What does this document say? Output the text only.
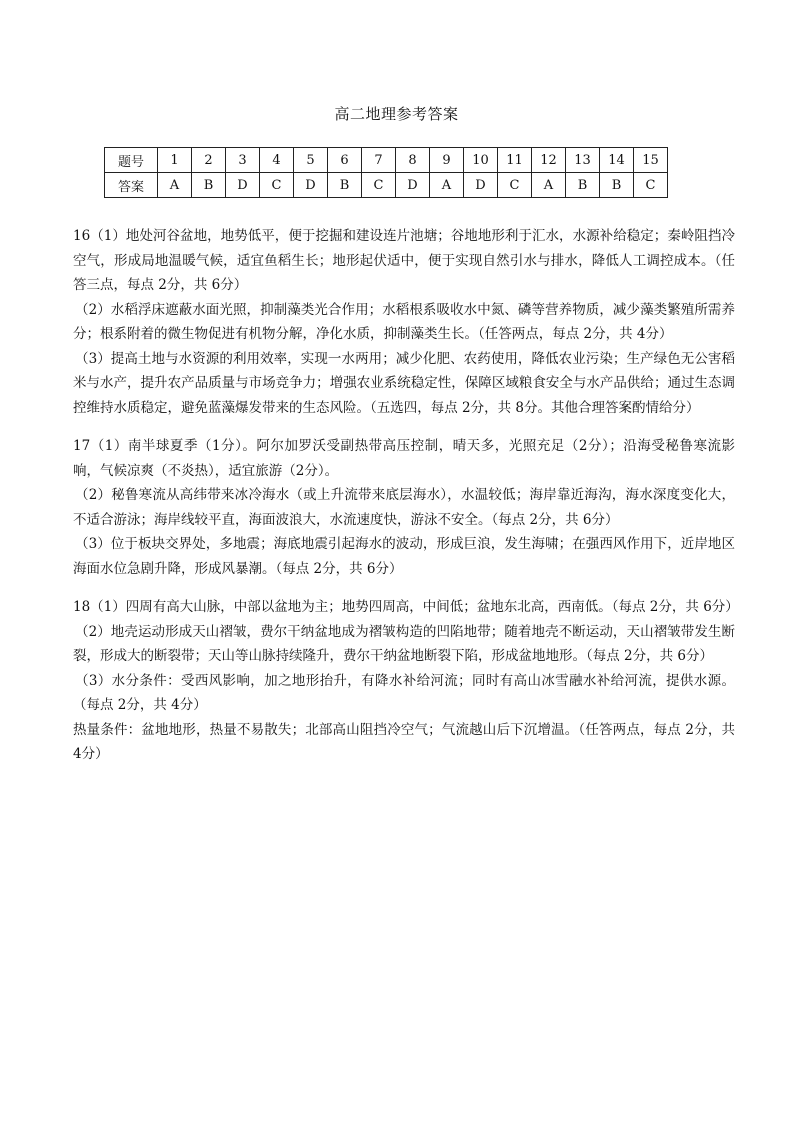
高二地理参考答案
题号	1	2	3	4	5	6	7	8	9	10	11	12	13	14	15
答案	A	B	D	C	D	B	C	D	A	D	C	A	B	B	C

16（1）地处河谷盆地，地势低平，便于挖掘和建设连片池塘；谷地地形利于汇水，水源补给稳定；秦岭阻挡冷空气，形成局地温暖气候，适宜鱼稻生长；地形起伏适中，便于实现自然引水与排水，降低人工调控成本。（任答三点，每点 2分，共 6分）

（2）水稻浮床遮蔽水面光照，抑制藻类光合作用；水稻根系吸收水中氮、磷等营养物质，减少藻类繁殖所需养分；根系附着的微生物促进有机物分解，净化水质，抑制藻类生长。（任答两点，每点 2分，共 4分）

（3）提高土地与水资源的利用效率，实现一水两用；减少化肥、农药使用，降低农业污染；生产绿色无公害稻米与水产，提升农产品质量与市场竞争力；增强农业系统稳定性，保障区域粮食安全与水产品供给；通过生态调控维持水质稳定，避免蓝藻爆发带来的生态风险。（五选四，每点 2分，共 8分。其他合理答案酌情给分）

17（1）南半球夏季（1分）。阿尔加罗沃受副热带高压控制，晴天多，光照充足（2分）；沿海受秘鲁寒流影响，气候凉爽（不炎热），适宜旅游（2分）。

（2）秘鲁寒流从高纬带来冰冷海水（或上升流带来底层海水），水温较低；海岸靠近海沟，海水深度变化大，不适合游泳；海岸线较平直，海面波浪大，水流速度快，游泳不安全。（每点 2分，共 6分）

（3）位于板块交界处，多地震；海底地震引起海水的波动，形成巨浪，发生海啸；在强西风作用下，近岸地区海面水位急剧升降，形成风暴潮。（每点 2分，共 6分）

18（1）四周有高大山脉，中部以盆地为主；地势四周高，中间低；盆地东北高，西南低。（每点 2分，共 6分）

（2）地壳运动形成天山褶皱，费尔干纳盆地成为褶皱构造的凹陷地带；随着地壳不断运动，天山褶皱带发生断裂，形成大的断裂带；天山等山脉持续隆升，费尔干纳盆地断裂下陷，形成盆地地形。（每点 2分，共 6分）

（3）水分条件：受西风影响，加之地形抬升，有降水补给河流；同时有高山冰雪融水补给河流，提供水源。（每点 2分，共 4分）

热量条件：盆地地形，热量不易散失；北部高山阻挡冷空气；气流越山后下沉增温。（任答两点，每点 2分，共 4分）
